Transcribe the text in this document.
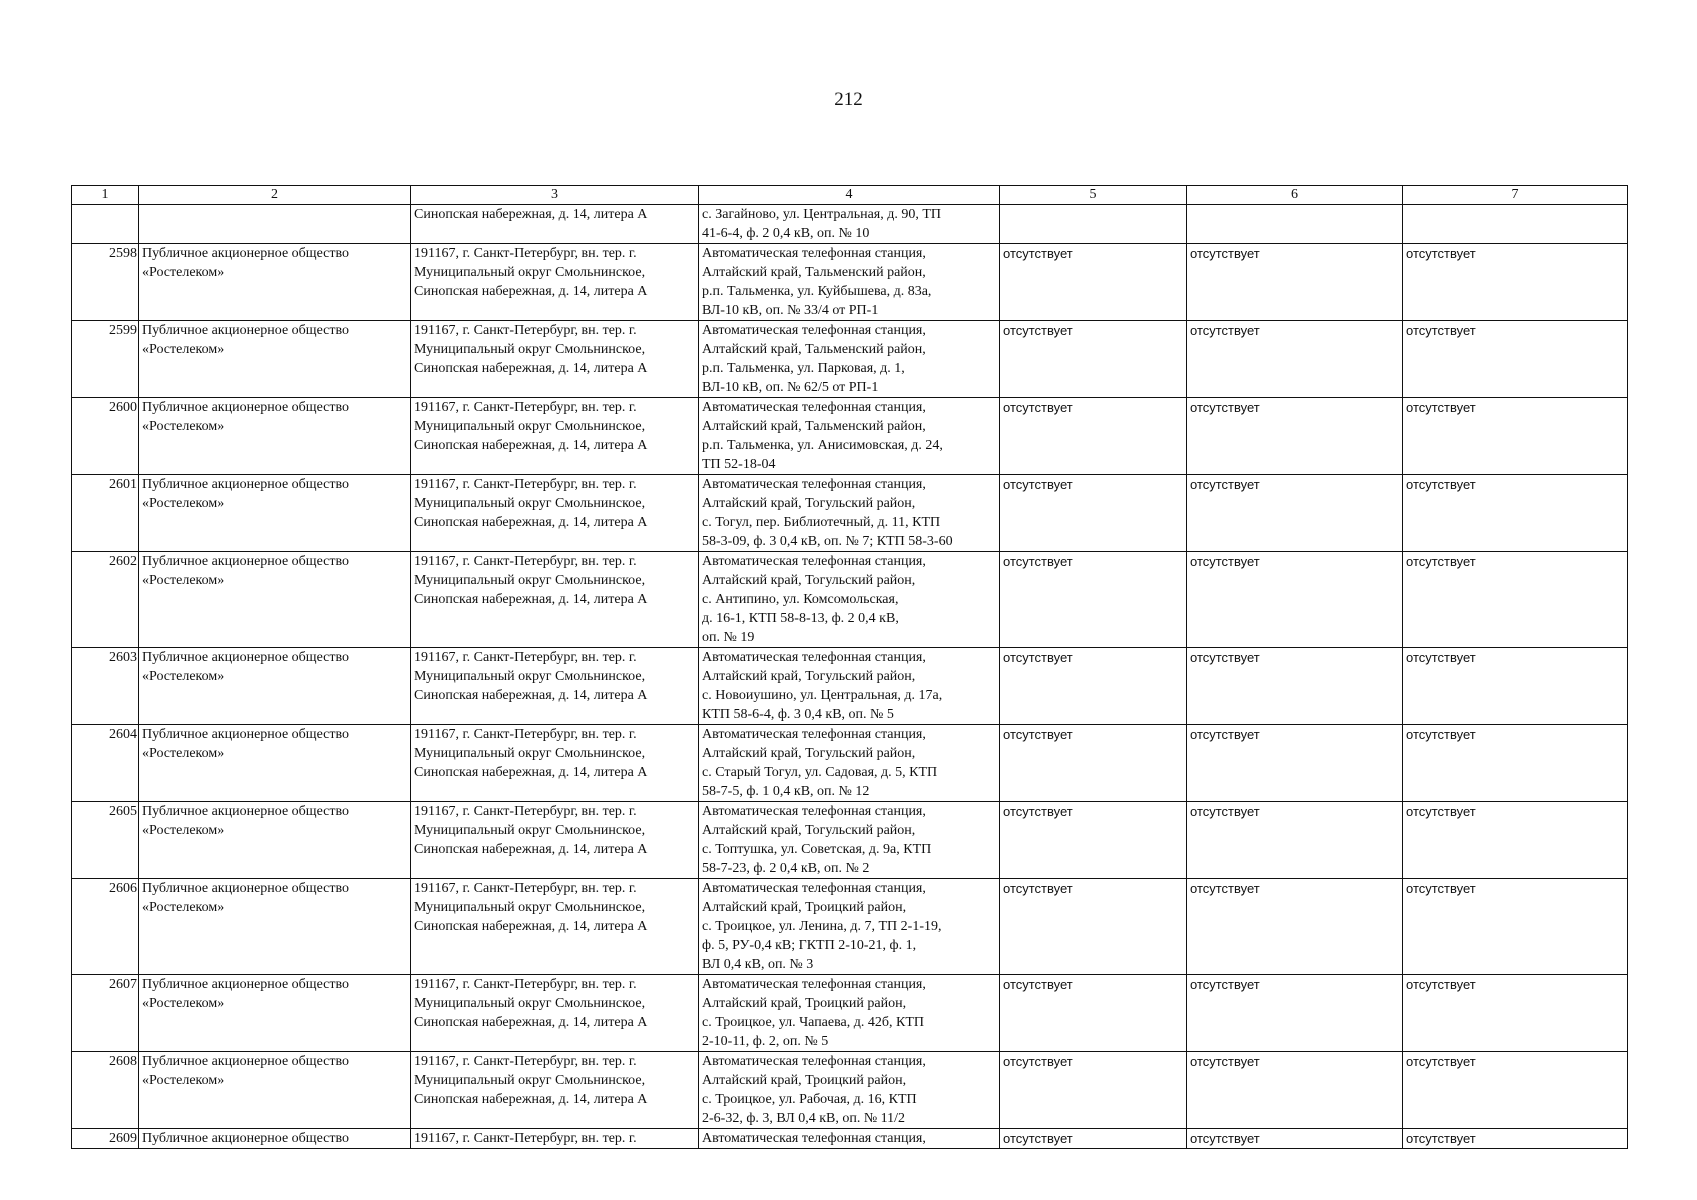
212
1	2	3	4	5	6	7
		Синопская набережная, д. 14, литера А	с. Загайново, ул. Центральная, д. 90, ТП
41-6-4, ф. 2 0,4 кВ, оп. № 10			
2598	Публичное акционерное общество
«Ростелеком»	191167, г. Санкт-Петербург, вн. тер. г.
Муниципальный округ Смольнинское,
Синопская набережная, д. 14, литера А	Автоматическая телефонная станция,
Алтайский край, Тальменский район,
р.п. Тальменка, ул. Куйбышева, д. 83а,
ВЛ-10 кВ, оп. № 33/4 от РП-1	отсутствует	отсутствует	отсутствует
2599	Публичное акционерное общество
«Ростелеком»	191167, г. Санкт-Петербург, вн. тер. г.
Муниципальный округ Смольнинское,
Синопская набережная, д. 14, литера А	Автоматическая телефонная станция,
Алтайский край, Тальменский район,
р.п. Тальменка, ул. Парковая, д. 1,
ВЛ-10 кВ, оп. № 62/5 от РП-1	отсутствует	отсутствует	отсутствует
2600	Публичное акционерное общество
«Ростелеком»	191167, г. Санкт-Петербург, вн. тер. г.
Муниципальный округ Смольнинское,
Синопская набережная, д. 14, литера А	Автоматическая телефонная станция,
Алтайский край, Тальменский район,
р.п. Тальменка, ул. Анисимовская, д. 24,
ТП 52-18-04	отсутствует	отсутствует	отсутствует
2601	Публичное акционерное общество
«Ростелеком»	191167, г. Санкт-Петербург, вн. тер. г.
Муниципальный округ Смольнинское,
Синопская набережная, д. 14, литера А	Автоматическая телефонная станция,
Алтайский край, Тогульский район,
с. Тогул, пер. Библиотечный, д. 11, КТП
58-3-09, ф. 3 0,4 кВ, оп. № 7; КТП 58-3-60	отсутствует	отсутствует	отсутствует
2602	Публичное акционерное общество
«Ростелеком»	191167, г. Санкт-Петербург, вн. тер. г.
Муниципальный округ Смольнинское,
Синопская набережная, д. 14, литера А	Автоматическая телефонная станция,
Алтайский край, Тогульский район,
с. Антипино, ул. Комсомольская,
д. 16-1, КТП 58-8-13, ф. 2 0,4 кВ,
оп. № 19	отсутствует	отсутствует	отсутствует
2603	Публичное акционерное общество
«Ростелеком»	191167, г. Санкт-Петербург, вн. тер. г.
Муниципальный округ Смольнинское,
Синопская набережная, д. 14, литера А	Автоматическая телефонная станция,
Алтайский край, Тогульский район,
с. Новоиушино, ул. Центральная, д. 17а,
КТП 58-6-4, ф. 3 0,4 кВ, оп. № 5	отсутствует	отсутствует	отсутствует
2604	Публичное акционерное общество
«Ростелеком»	191167, г. Санкт-Петербург, вн. тер. г.
Муниципальный округ Смольнинское,
Синопская набережная, д. 14, литера А	Автоматическая телефонная станция,
Алтайский край, Тогульский район,
с. Старый Тогул, ул. Садовая, д. 5, КТП
58-7-5, ф. 1 0,4 кВ, оп. № 12	отсутствует	отсутствует	отсутствует
2605	Публичное акционерное общество
«Ростелеком»	191167, г. Санкт-Петербург, вн. тер. г.
Муниципальный округ Смольнинское,
Синопская набережная, д. 14, литера А	Автоматическая телефонная станция,
Алтайский край, Тогульский район,
с. Топтушка, ул. Советская, д. 9а, КТП
58-7-23, ф. 2 0,4 кВ, оп. № 2	отсутствует	отсутствует	отсутствует
2606	Публичное акционерное общество
«Ростелеком»	191167, г. Санкт-Петербург, вн. тер. г.
Муниципальный округ Смольнинское,
Синопская набережная, д. 14, литера А	Автоматическая телефонная станция,
Алтайский край, Троицкий район,
с. Троицкое, ул. Ленина, д. 7, ТП 2-1-19,
ф. 5, РУ-0,4 кВ; ГКТП 2-10-21, ф. 1,
ВЛ 0,4 кВ, оп. № 3	отсутствует	отсутствует	отсутствует
2607	Публичное акционерное общество
«Ростелеком»	191167, г. Санкт-Петербург, вн. тер. г.
Муниципальный округ Смольнинское,
Синопская набережная, д. 14, литера А	Автоматическая телефонная станция,
Алтайский край, Троицкий район,
с. Троицкое, ул. Чапаева, д. 42б, КТП
2-10-11, ф. 2, оп. № 5	отсутствует	отсутствует	отсутствует
2608	Публичное акционерное общество
«Ростелеком»	191167, г. Санкт-Петербург, вн. тер. г.
Муниципальный округ Смольнинское,
Синопская набережная, д. 14, литера А	Автоматическая телефонная станция,
Алтайский край, Троицкий район,
с. Троицкое, ул. Рабочая, д. 16, КТП
2-6-32, ф. 3, ВЛ 0,4 кВ, оп. № 11/2	отсутствует	отсутствует	отсутствует
2609	Публичное акционерное общество	191167, г. Санкт-Петербург, вн. тер. г.	Автоматическая телефонная станция,	отсутствует	отсутствует	отсутствует
